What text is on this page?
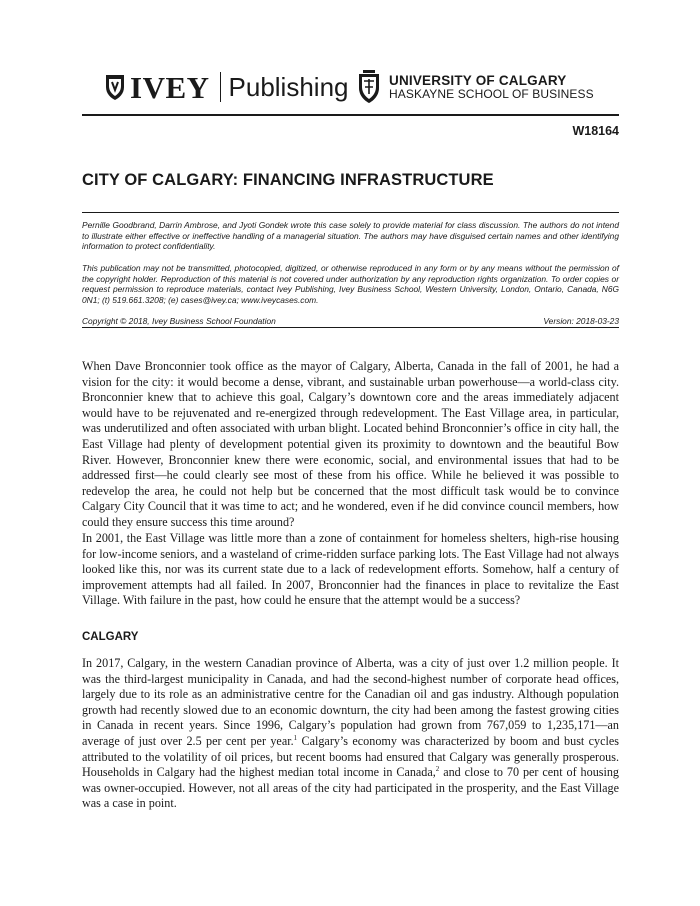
IVEY Publishing	UNIVERSITY OF CALGARY
HASKAYNE SCHOOL OF BUSINESS
W18164
CITY OF CALGARY: FINANCING INFRASTRUCTURE
Pernille Goodbrand, Darrin Ambrose, and Jyoti Gondek wrote this case solely to provide material for class discussion. The authors do not intend to illustrate either effective or ineffective handling of a managerial situation. The authors may have disguised certain names and other identifying information to protect confidentiality.
This publication may not be transmitted, photocopied, digitized, or otherwise reproduced in any form or by any means without the permission of the copyright holder. Reproduction of this material is not covered under authorization by any reproduction rights organization. To order copies or request permission to reproduce materials, contact Ivey Publishing, Ivey Business School, Western University, London, Ontario, Canada, N6G 0N1; (t) 519.661.3208; (e) cases@ivey.ca; www.iveycases.com.
Copyright © 2018, Ivey Business School Foundation	Version: 2018-03-23
When Dave Bronconnier took office as the mayor of Calgary, Alberta, Canada in the fall of 2001, he had a vision for the city: it would become a dense, vibrant, and sustainable urban powerhouse—a world-class city. Bronconnier knew that to achieve this goal, Calgary’s downtown core and the areas immediately adjacent would have to be rejuvenated and re-energized through redevelopment. The East Village area, in particular, was underutilized and often associated with urban blight. Located behind Bronconnier’s office in city hall, the East Village had plenty of development potential given its proximity to downtown and the beautiful Bow River. However, Bronconnier knew there were economic, social, and environmental issues that had to be addressed first—he could clearly see most of these from his office. While he believed it was possible to redevelop the area, he could not help but be concerned that the most difficult task would be to convince Calgary City Council that it was time to act; and he wondered, even if he did convince council members, how could they ensure success this time around?
In 2001, the East Village was little more than a zone of containment for homeless shelters, high-rise housing for low-income seniors, and a wasteland of crime-ridden surface parking lots. The East Village had not always looked like this, nor was its current state due to a lack of redevelopment efforts. Somehow, half a century of improvement attempts had all failed. In 2007, Bronconnier had the finances in place to revitalize the East Village. With failure in the past, how could he ensure that the attempt would be a success?
CALGARY
In 2017, Calgary, in the western Canadian province of Alberta, was a city of just over 1.2 million people. It was the third-largest municipality in Canada, and had the second-highest number of corporate head offices, largely due to its role as an administrative centre for the Canadian oil and gas industry. Although population growth had recently slowed due to an economic downturn, the city had been among the fastest growing cities in Canada in recent years. Since 1996, Calgary’s population had grown from 767,059 to 1,235,171—an average of just over 2.5 per cent per year.$^1$ Calgary’s economy was characterized by boom and bust cycles attributed to the volatility of oil prices, but recent booms had ensured that Calgary was generally prosperous. Households in Calgary had the highest median total income in Canada,$^2$ and close to 70 per cent of housing was owner-occupied. However, not all areas of the city had participated in the prosperity, and the East Village was a case in point.
